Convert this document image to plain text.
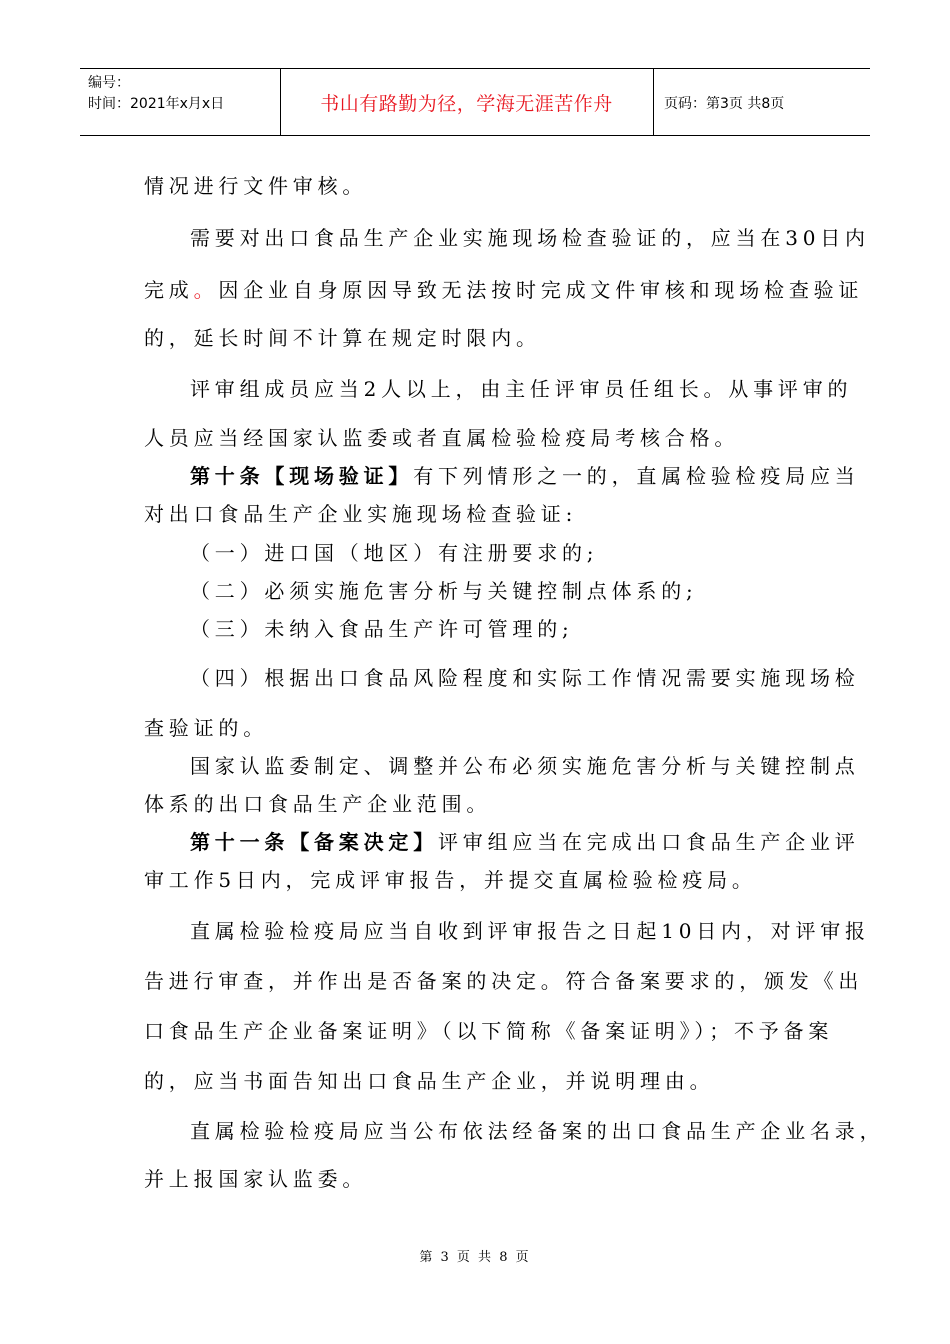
编号：
时间：2021年x月x日	书山有路勤为径，学海无涯苦作舟	页码：第3页 共8页
情况进行文件审核。
需要对出口食品生产企业实施现场检查验证的，应当在30日内
完成。因企业自身原因导致无法按时完成文件审核和现场检查验证
的，延长时间不计算在规定时限内。
评审组成员应当2人以上，由主任评审员任组长。从事评审的
人员应当经国家认监委或者直属检验检疫局考核合格。
第十条【现场验证】有下列情形之一的，直属检验检疫局应当
对出口食品生产企业实施现场检查验证:
（一）进口国（地区）有注册要求的;
（二）必须实施危害分析与关键控制点体系的;
（三）未纳入食品生产许可管理的;
（四）根据出口食品风险程度和实际工作情况需要实施现场检
查验证的。
国家认监委制定、调整并公布必须实施危害分析与关键控制点
体系的出口食品生产企业范围。
第十一条【备案决定】评审组应当在完成出口食品生产企业评
审工作5日内，完成评审报告，并提交直属检验检疫局。
直属检验检疫局应当自收到评审报告之日起10日内，对评审报
告进行审查，并作出是否备案的决定。符合备案要求的，颁发《出
口食品生产企业备案证明》（以下简称《备案证明》）；不予备案
的，应当书面告知出口食品生产企业，并说明理由。
直属检验检疫局应当公布依法经备案的出口食品生产企业名录，
并上报国家认监委。
第 3 页 共 8 页
